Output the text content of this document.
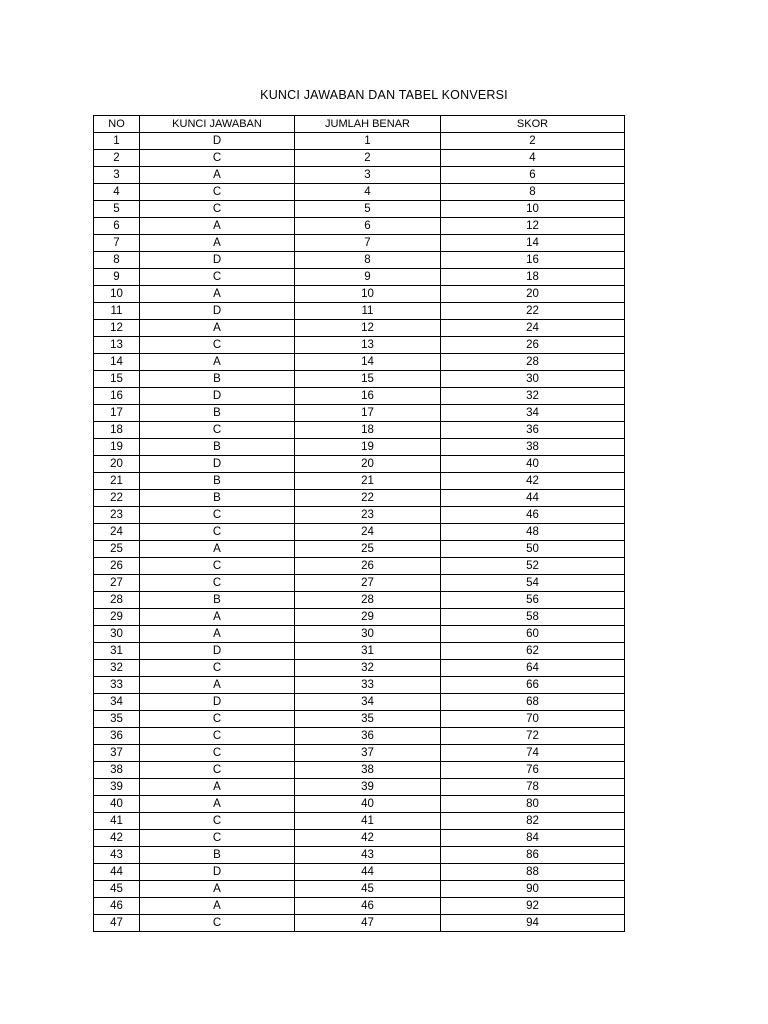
KUNCI JAWABAN DAN TABEL KONVERSI
NO	KUNCI JAWABAN	JUMLAH BENAR	SKOR
1	D	1	2
2	C	2	4
3	A	3	6
4	C	4	8
5	C	5	10
6	A	6	12
7	A	7	14
8	D	8	16
9	C	9	18
10	A	10	20
11	D	11	22
12	A	12	24
13	C	13	26
14	A	14	28
15	B	15	30
16	D	16	32
17	B	17	34
18	C	18	36
19	B	19	38
20	D	20	40
21	B	21	42
22	B	22	44
23	C	23	46
24	C	24	48
25	A	25	50
26	C	26	52
27	C	27	54
28	B	28	56
29	A	29	58
30	A	30	60
31	D	31	62
32	C	32	64
33	A	33	66
34	D	34	68
35	C	35	70
36	C	36	72
37	C	37	74
38	C	38	76
39	A	39	78
40	A	40	80
41	C	41	82
42	C	42	84
43	B	43	86
44	D	44	88
45	A	45	90
46	A	46	92
47	C	47	94
